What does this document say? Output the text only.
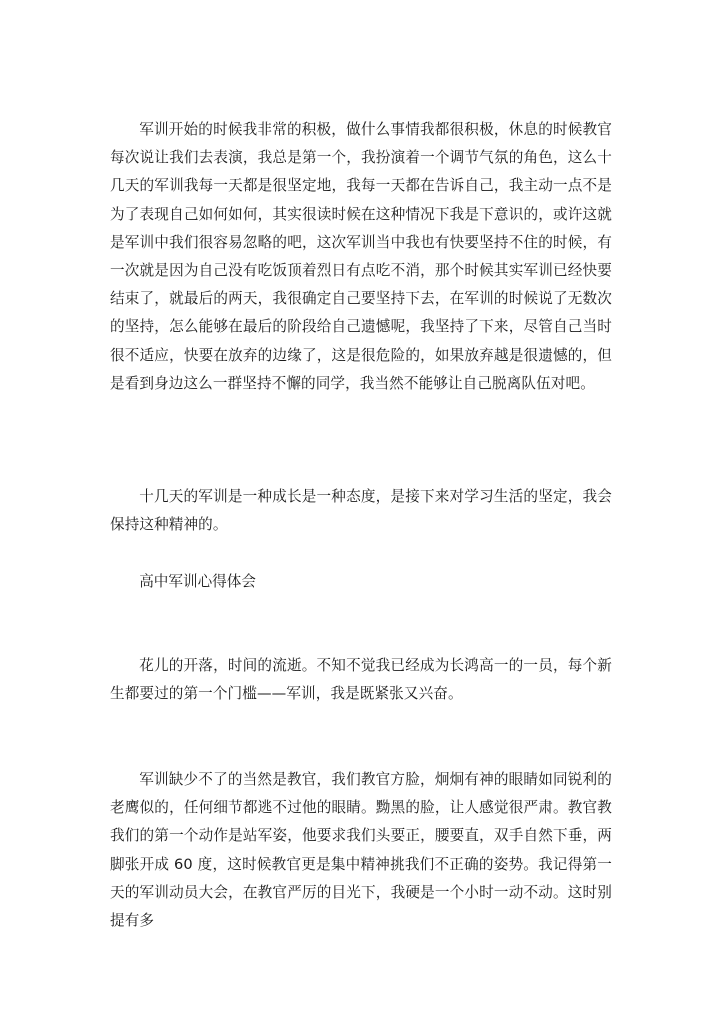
军训开始的时候我非常的积极，做什么事情我都很积极，休息的时候教官每次说让我们去表演，我总是第一个，我扮演着一个调节气氛的角色，这么十几天的军训我每一天都是很坚定地，我每一天都在告诉自己，我主动一点不是为了表现自己如何如何，其实很读时候在这种情况下我是下意识的，或许这就是军训中我们很容易忽略的吧，这次军训当中我也有快要坚持不住的时候，有一次就是因为自己没有吃饭顶着烈日有点吃不消，那个时候其实军训已经快要结束了，就最后的两天，我很确定自己要坚持下去，在军训的时候说了无数次的坚持，怎么能够在最后的阶段给自己遗憾呢，我坚持了下来，尽管自己当时很不适应，快要在放弃的边缘了，这是很危险的，如果放弃越是很遗憾的，但是看到身边这么一群坚持不懈的同学，我当然不能够让自己脱离队伍对吧。

十几天的军训是一种成长是一种态度，是接下来对学习生活的坚定，我会保持这种精神的。

高中军训心得体会

花儿的开落，时间的流逝。不知不觉我已经成为长鸿高一的一员，每个新生都要过的第一个门槛——军训，我是既紧张又兴奋。

军训缺少不了的当然是教官，我们教官方脸，炯炯有神的眼睛如同锐利的老鹰似的，任何细节都逃不过他的眼睛。黝黑的脸，让人感觉很严肃。教官教我们的第一个动作是站军姿，他要求我们头要正，腰要直，双手自然下垂，两脚张开成 60 度，这时候教官更是集中精神挑我们不正确的姿势。我记得第一天的军训动员大会，在教官严厉的目光下，我硬是一个小时一动不动。这时别提有多
